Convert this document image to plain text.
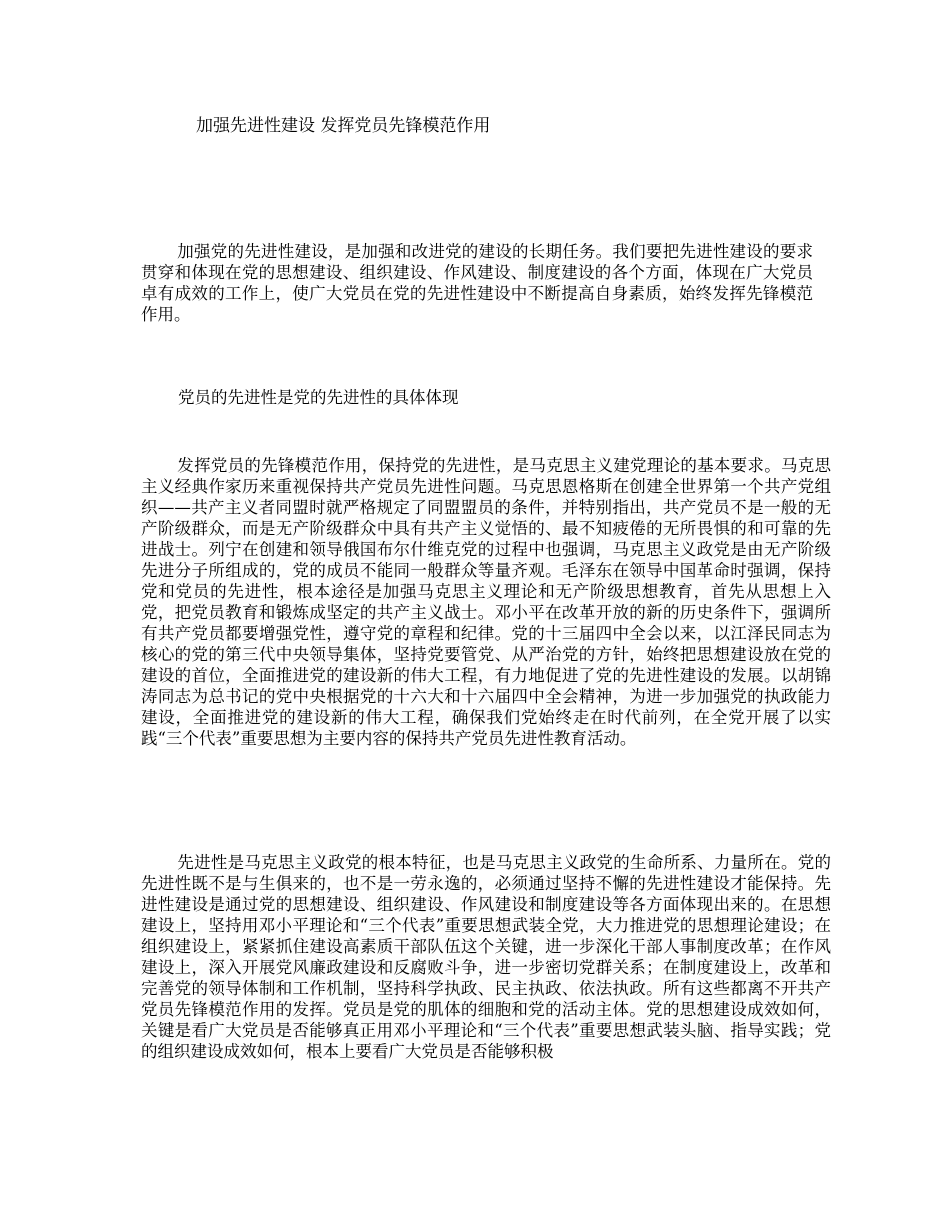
加强先进性建设 发挥党员先锋模范作用

加强党的先进性建设，是加强和改进党的建设的长期任务。我们要把先进性建设的要求贯穿和体现在党的思想建设、组织建设、作风建设、制度建设的各个方面，体现在广大党员卓有成效的工作上，使广大党员在党的先进性建设中不断提高自身素质，始终发挥先锋模范作用。

党员的先进性是党的先进性的具体体现

发挥党员的先锋模范作用，保持党的先进性，是马克思主义建党理论的基本要求。马克思主义经典作家历来重视保持共产党员先进性问题。马克思恩格斯在创建全世界第一个共产党组织——共产主义者同盟时就严格规定了同盟盟员的条件，并特别指出，共产党员不是一般的无产阶级群众，而是无产阶级群众中具有共产主义觉悟的、最不知疲倦的无所畏惧的和可靠的先进战士。列宁在创建和领导俄国布尔什维克党的过程中也强调，马克思主义政党是由无产阶级先进分子所组成的，党的成员不能同一般群众等量齐观。毛泽东在领导中国革命时强调，保持党和党员的先进性，根本途径是加强马克思主义理论和无产阶级思想教育，首先从思想上入党，把党员教育和锻炼成坚定的共产主义战士。邓小平在改革开放的新的历史条件下，强调所有共产党员都要增强党性，遵守党的章程和纪律。党的十三届四中全会以来，以江泽民同志为核心的党的第三代中央领导集体，坚持党要管党、从严治党的方针，始终把思想建设放在党的建设的首位，全面推进党的建设新的伟大工程，有力地促进了党的先进性建设的发展。以胡锦涛同志为总书记的党中央根据党的十六大和十六届四中全会精神，为进一步加强党的执政能力建设，全面推进党的建设新的伟大工程，确保我们党始终走在时代前列，在全党开展了以实践“三个代表”重要思想为主要内容的保持共产党员先进性教育活动。

先进性是马克思主义政党的根本特征，也是马克思主义政党的生命所系、力量所在。党的先进性既不是与生俱来的，也不是一劳永逸的，必须通过坚持不懈的先进性建设才能保持。先进性建设是通过党的思想建设、组织建设、作风建设和制度建设等各方面体现出来的。在思想建设上，坚持用邓小平理论和“三个代表”重要思想武装全党，大力推进党的思想理论建设；在组织建设上，紧紧抓住建设高素质干部队伍这个关键，进一步深化干部人事制度改革；在作风建设上，深入开展党风廉政建设和反腐败斗争，进一步密切党群关系；在制度建设上，改革和完善党的领导体制和工作机制，坚持科学执政、民主执政、依法执政。所有这些都离不开共产党员先锋模范作用的发挥。党员是党的肌体的细胞和党的活动主体。党的思想建设成效如何，关键是看广大党员是否能够真正用邓小平理论和“三个代表”重要思想武装头脑、指导实践；党的组织建设成效如何，根本上要看广大党员是否能够积极
